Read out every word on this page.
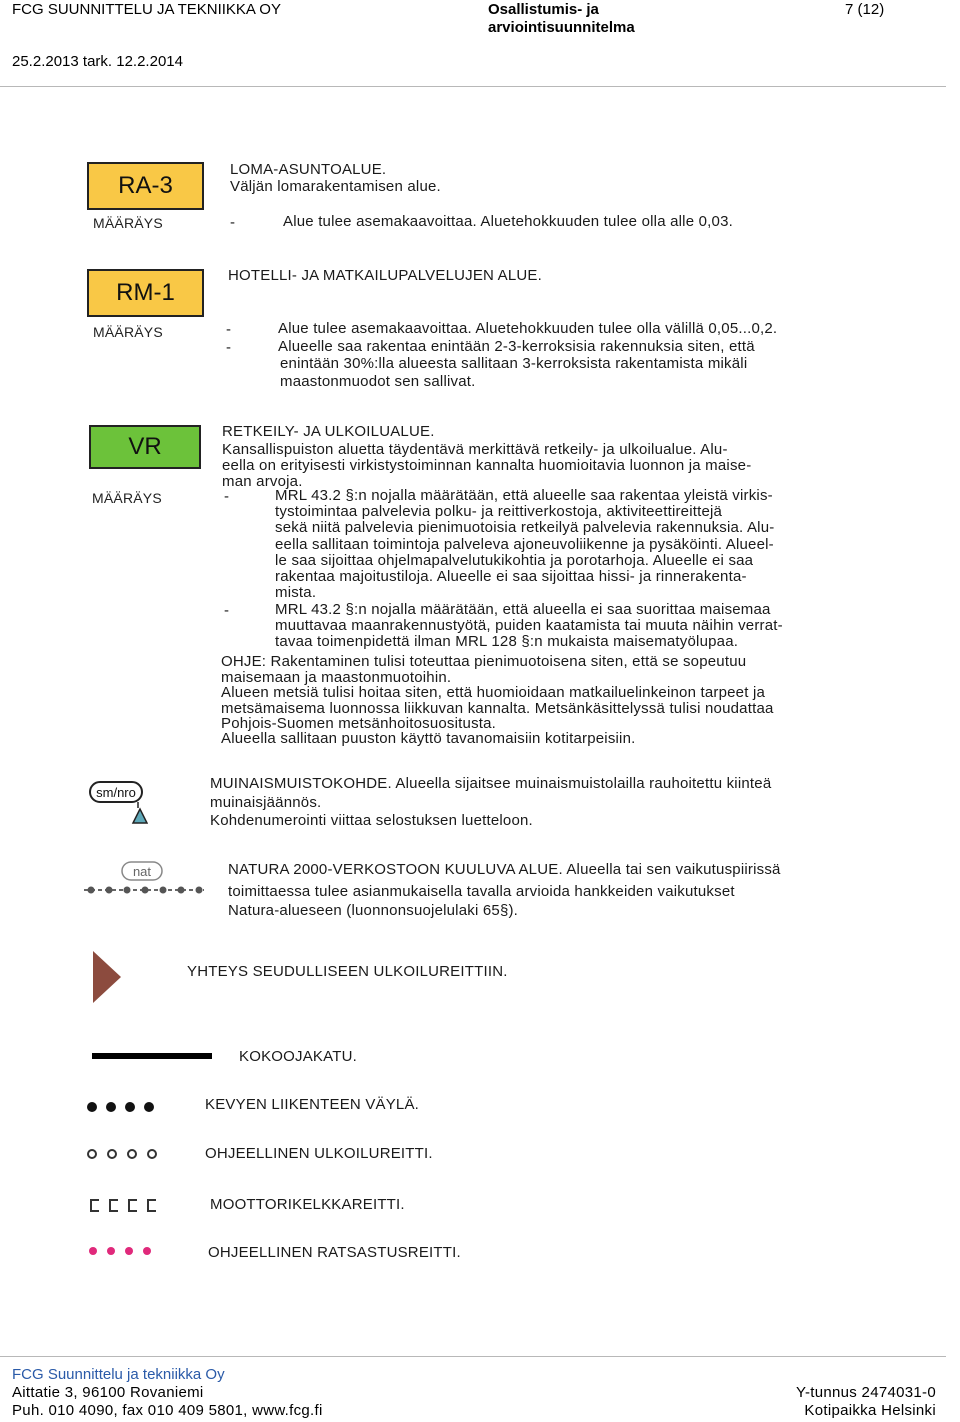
FCG SUUNNITTELU JA TEKNIIKKA OY	Osallistumis- ja
arviointisuunnitelma
7 (12)
25.2.2013 tark. 12.2.2014
RA-3
MÄÄRÄYS

LOMA-ASUNTOALUE.

Väljän lomarakentamisen alue.

-	Alue tulee asemakaavoittaa. Aluetehokkuuden tulee olla alle 0,03.

RM-1
MÄÄRÄYS

HOTELLI- JA MATKAILUPALVELUJEN ALUE.

-	Alue tulee asemakaavoittaa. Aluetehokkuuden tulee olla välillä 0,05...0,2.

-	Alueelle saa rakentaa enintään 2-3-kerroksisia rakennuksia siten, että

enintään 30%:lla alueesta sallitaan 3-kerroksista rakentamista mikäli

maastonmuodot sen sallivat.

VR
MÄÄRÄYS

RETKEILY- JA ULKOILUALUE.

Kansallispuiston aluetta täydentävä merkittävä retkeily- ja ulkoilualue. Alu-

eella on erityisesti virkistystoiminnan kannalta huomioitavia luonnon ja maise-

man arvoja.

-	MRL 43.2 §:n nojalla määrätään, että alueelle saa rakentaa yleistä virkis-

tystoimintaa palvelevia polku- ja reittiverkostoja, aktiviteettireittejä

sekä niitä palvelevia pienimuotoisia retkeilyä palvelevia rakennuksia. Alu-

eella sallitaan toimintoja palveleva ajoneuvoliikenne ja pysäköinti. Alueel-

le saa sijoittaa ohjelmapalvelutukikohtia ja porotarhoja. Alueelle ei saa

rakentaa majoitustiloja. Alueelle ei saa sijoittaa hissi- ja rinnerakenta-

mista.

-	MRL 43.2 §:n nojalla määrätään, että alueella ei saa suorittaa maisemaa

muuttavaa maanrakennustyötä, puiden kaatamista tai muuta näihin verrat-

tavaa toimenpidettä ilman MRL 128 §:n mukaista maisematyölupaa.

OHJE: Rakentaminen tulisi toteuttaa pienimuotoisena siten, että se sopeutuu

maisemaan ja maastonmuotoihin.

Alueen metsiä tulisi hoitaa siten, että huomioidaan matkailuelinkeinon tarpeet ja

metsämaisema luonnossa liikkuvan kannalta. Metsänkäsittelyssä tulisi noudattaa

Pohjois-Suomen metsänhoitosuositusta.

Alueella sallitaan puuston käyttö tavanomaisiin kotitarpeisiin.

sm/nro

MUINAISMUISTOKOHDE. Alueella sijaitsee muinaismuistolailla rauhoitettu kiinteä

muinaisjäännös.

Kohdenumerointi viittaa selostuksen luetteloon.

nat	NATURA 2000-VERKOSTOON KUULUVA ALUE. Alueella tai sen vaikutuspiirissä

toimittaessa tulee asianmukaisella tavalla arvioida hankkeiden vaikutukset

Natura-alueseen (luonnonsuojelulaki 65§).

YHTEYS SEUDULLISEEN ULKOILUREITTIIN.

KOKOOJAKATU.

KEVYEN LIIKENTEEN VÄYLÄ.

OHJEELLINEN ULKOILUREITTI.

MOOTTORIKELKKAREITTI.

OHJEELLINEN RATSASTUSREITTI.

FCG Suunnittelu ja tekniikka Oy
Aittatie 3, 96100 Rovaniemi
Puh. 010 4090, fax 010 409 5801, www.fcg.fi
Y-tunnus 2474031-0
Kotipaikka Helsinki
